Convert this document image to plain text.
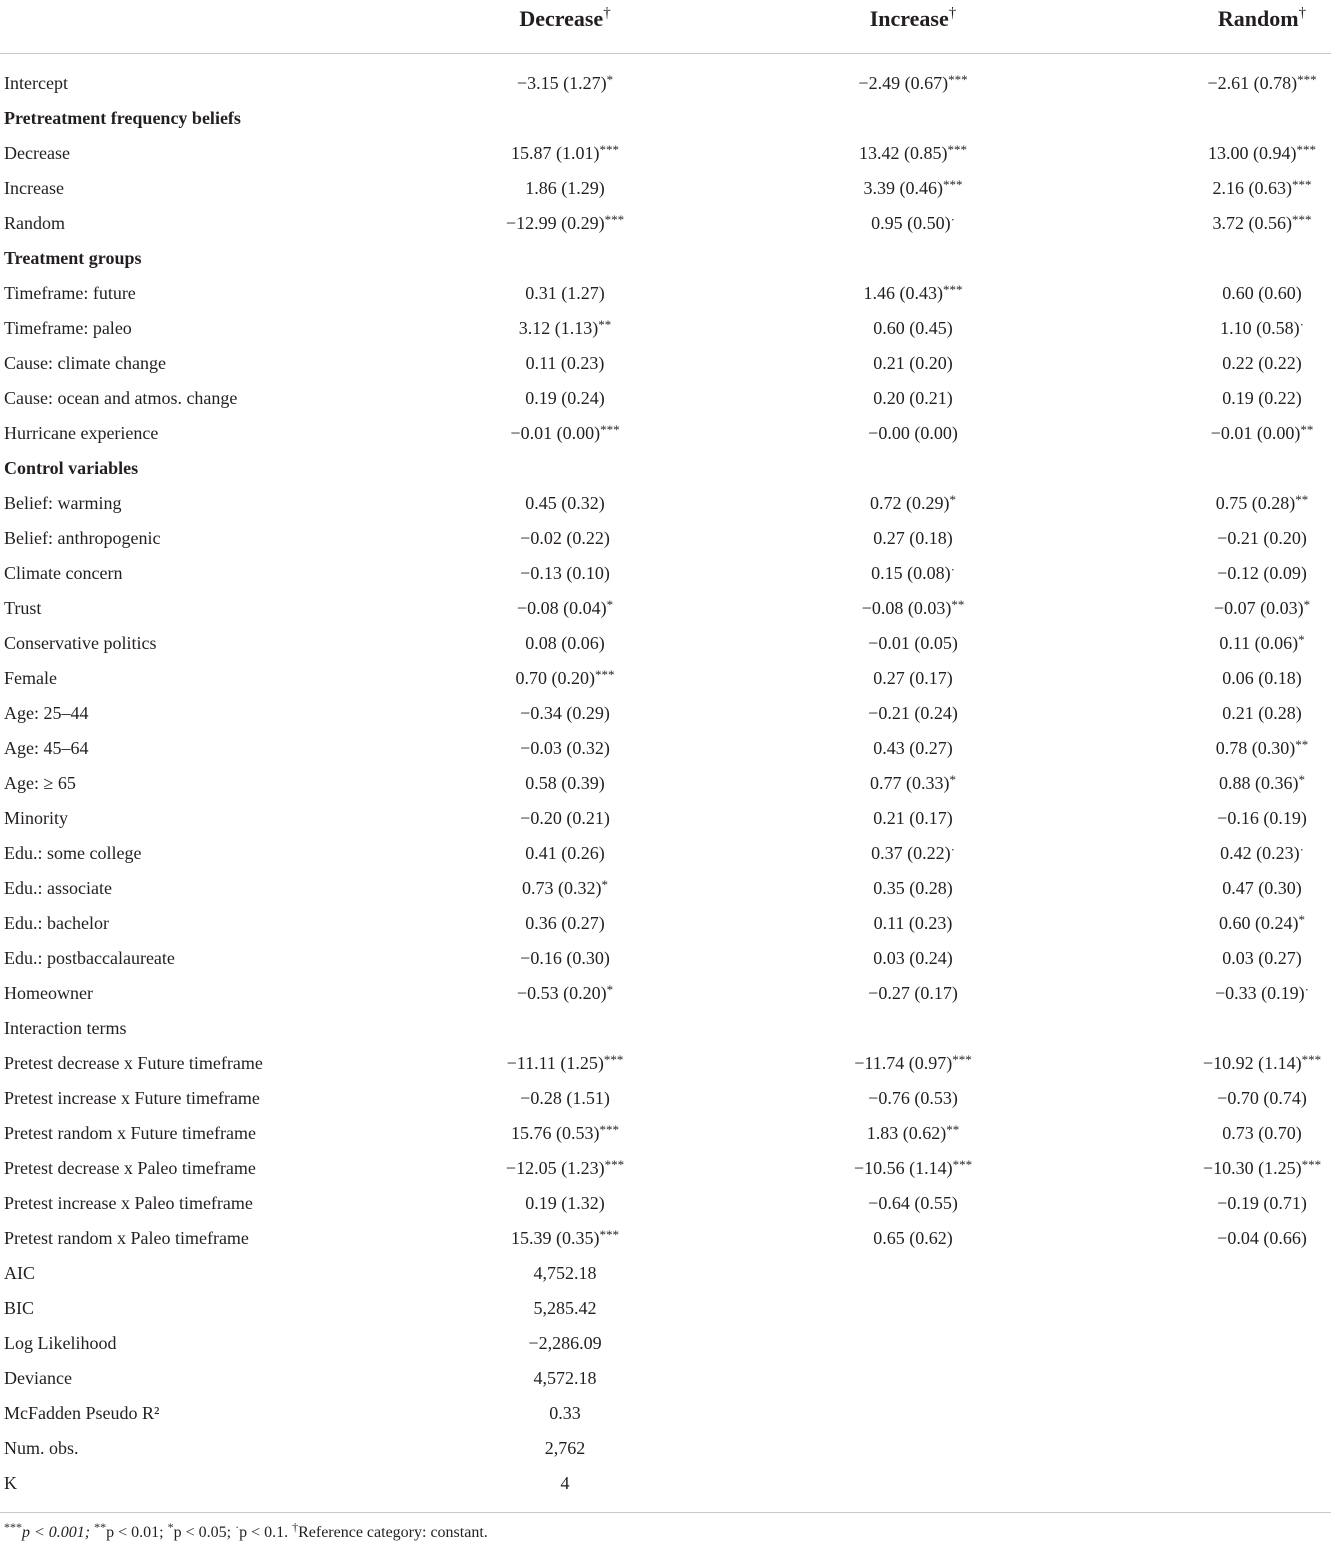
Decrease†	Increase†	Random†
Intercept	−3.15 (1.27)*	−2.49 (0.67)***	−2.61 (0.78)***
Pretreatment frequency beliefs
Decrease	15.87 (1.01)***	13.42 (0.85)***	13.00 (0.94)***
Increase	1.86 (1.29)	3.39 (0.46)***	2.16 (0.63)***
Random	−12.99 (0.29)***	0.95 (0.50)·	3.72 (0.56)***
Treatment groups
Timeframe: future	0.31 (1.27)	1.46 (0.43)***	0.60 (0.60)
Timeframe: paleo	3.12 (1.13)**	0.60 (0.45)	1.10 (0.58)·
Cause: climate change	0.11 (0.23)	0.21 (0.20)	0.22 (0.22)
Cause: ocean and atmos. change	0.19 (0.24)	0.20 (0.21)	0.19 (0.22)
Hurricane experience	−0.01 (0.00)***	−0.00 (0.00)	−0.01 (0.00)**
Control variables
Belief: warming	0.45 (0.32)	0.72 (0.29)*	0.75 (0.28)**
Belief: anthropogenic	−0.02 (0.22)	0.27 (0.18)	−0.21 (0.20)
Climate concern	−0.13 (0.10)	0.15 (0.08)·	−0.12 (0.09)
Trust	−0.08 (0.04)*	−0.08 (0.03)**	−0.07 (0.03)*
Conservative politics	0.08 (0.06)	−0.01 (0.05)	0.11 (0.06)*
Female	0.70 (0.20)***	0.27 (0.17)	0.06 (0.18)
Age: 25–44	−0.34 (0.29)	−0.21 (0.24)	0.21 (0.28)
Age: 45–64	−0.03 (0.32)	0.43 (0.27)	0.78 (0.30)**
Age: ≥ 65	0.58 (0.39)	0.77 (0.33)*	0.88 (0.36)*
Minority	−0.20 (0.21)	0.21 (0.17)	−0.16 (0.19)
Edu.: some college	0.41 (0.26)	0.37 (0.22)·	0.42 (0.23)·
Edu.: associate	0.73 (0.32)*	0.35 (0.28)	0.47 (0.30)
Edu.: bachelor	0.36 (0.27)	0.11 (0.23)	0.60 (0.24)*
Edu.: postbaccalaureate	−0.16 (0.30)	0.03 (0.24)	0.03 (0.27)
Homeowner	−0.53 (0.20)*	−0.27 (0.17)	−0.33 (0.19)·
Interaction terms
Pretest decrease x Future timeframe	−11.11 (1.25)***	−11.74 (0.97)***	−10.92 (1.14)***
Pretest increase x Future timeframe	−0.28 (1.51)	−0.76 (0.53)	−0.70 (0.74)
Pretest random x Future timeframe	15.76 (0.53)***	1.83 (0.62)**	0.73 (0.70)
Pretest decrease x Paleo timeframe	−12.05 (1.23)***	−10.56 (1.14)***	−10.30 (1.25)***
Pretest increase x Paleo timeframe	0.19 (1.32)	−0.64 (0.55)	−0.19 (0.71)
Pretest random x Paleo timeframe	15.39 (0.35)***	0.65 (0.62)	−0.04 (0.66)
AIC	4,752.18
BIC	5,285.42
Log Likelihood	−2,286.09
Deviance	4,572.18
McFadden Pseudo R²	0.33
Num. obs.	2,762
K	4
***p < 0.001; **p < 0.01; *p < 0.05; ·p < 0.1. †Reference category: constant.
